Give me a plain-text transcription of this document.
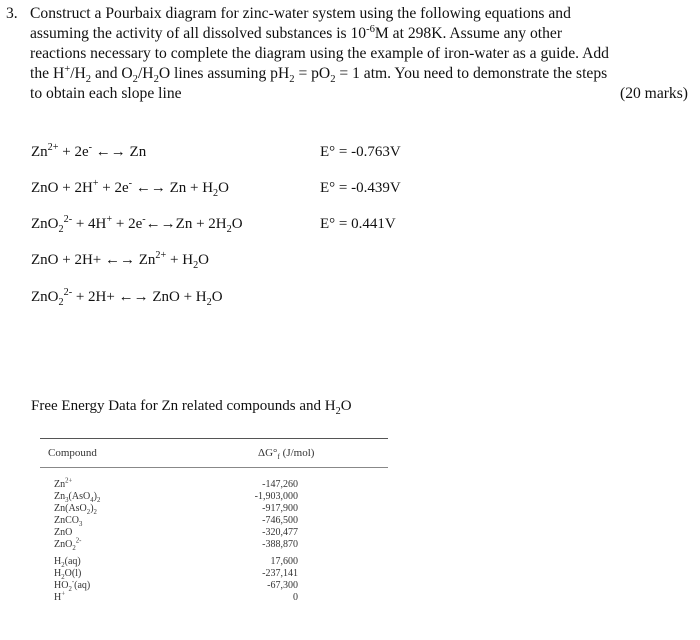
3. Construct a Pourbaix diagram for zinc-water system using the following equations and
assuming the activity of all dissolved substances is $10^{-6}M$ at 298K. Assume any other
reactions necessary to complete the diagram using the example of iron-water as a guide. Add
the $H^+/H_2$ and $O_2/H_2O$ lines assuming $pH_2 = pO_2 = 1$ atm. You need to demonstrate the steps
to obtain each slope line	(20 marks)
$Zn^{2+} + 2e^-$ ←→ Zn	E° = -0.763V
ZnO + 2H+ + 2e- ←→ $Zn + H_2O$	E° = -0.439V
ZnO$_2^{2-}$ + 4H+ + 2e-←→Zn + $2H_2O$	E° = 0.441V
ZnO + 2H+ ←→ $Zn^{2+} + H_2O$
ZnO$_2^{2-}$ + 2H+ ←→ ZnO + $H_2O$
Free Energy Data for Zn related compounds and $H_2O$
Compound	$\Delta G^\circ_f$ (J/mol)
$Zn^{2+}$	-147,260
$Zn_3(AsO_4)_2$	-1,903,000
$Zn(AsO_2)_2$	-917,900
ZnCO$_3$	-746,500
ZnO	-320,477
ZnO$_2^{2-}$	-388,870
$H_2(aq)$	17,600
$H_2O(l)$	-237,141
$HO_2^-(aq)$	-67,300
H+	0
